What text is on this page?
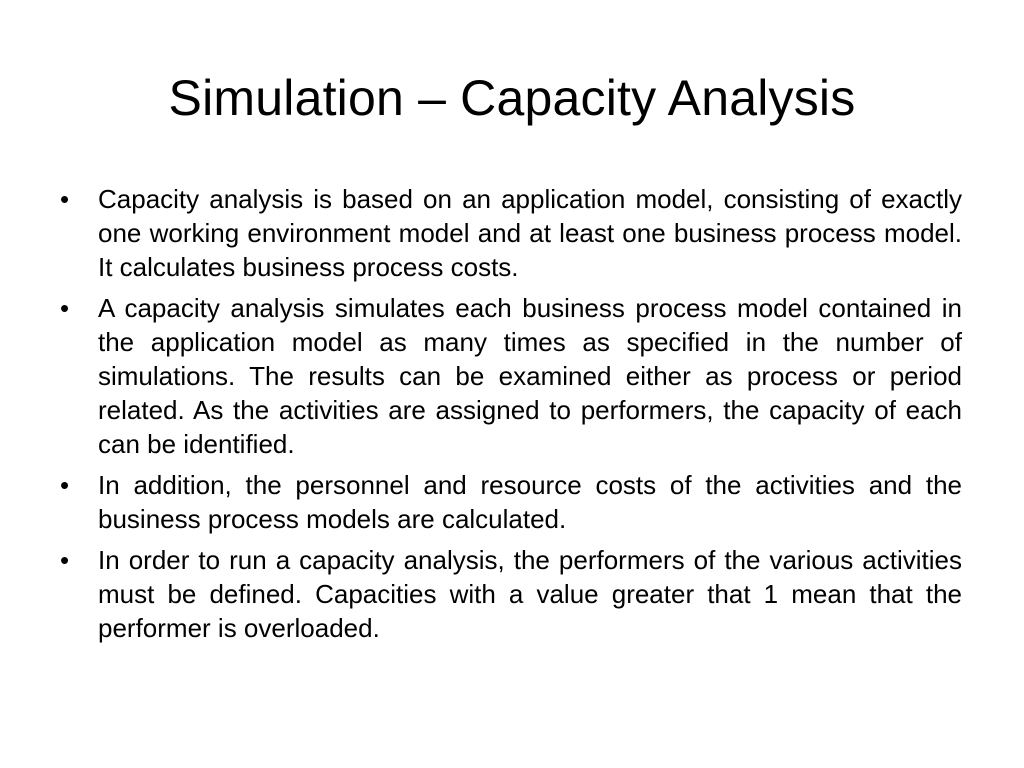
Simulation – Capacity Analysis
•	Capacity analysis is based on an application model, consisting of exactly one working environment model and at least one business process model. It calculates business process costs.
•	A capacity analysis simulates each business process model contained in the application model as many times as specified in the number of simulations. The results can be examined either as process or period related. As the activities are assigned to performers, the capacity of each can be identified.
•	In addition, the personnel and resource costs of the activities and the business process models are calculated.
•	In order to run a capacity analysis, the performers of the various activities must be defined. Capacities with a value greater that 1 mean that the performer is overloaded.
